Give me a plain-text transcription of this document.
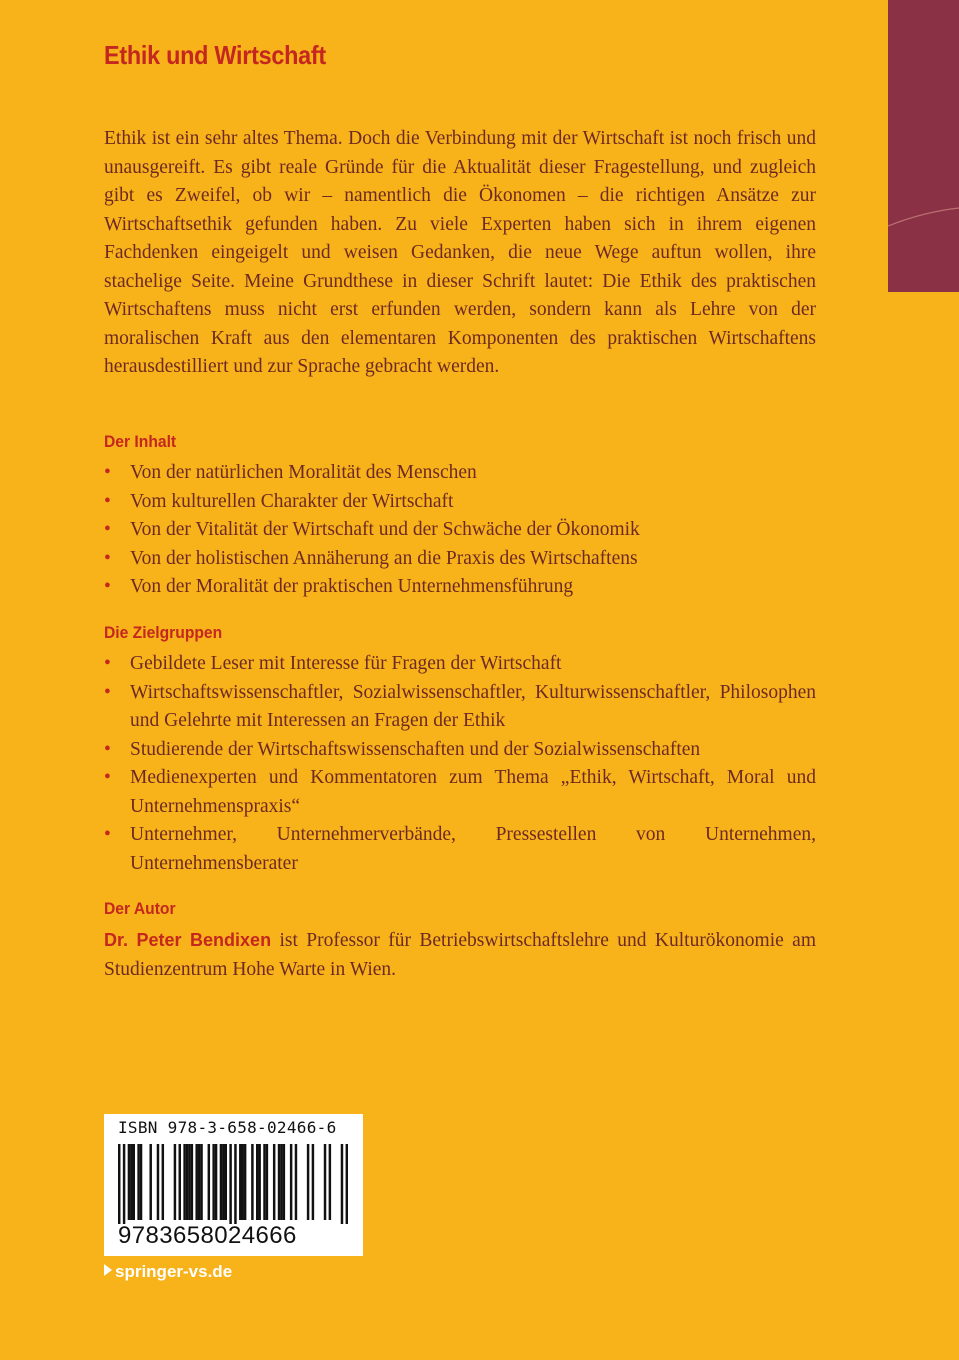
Ethik und Wirtschaft

Ethik ist ein sehr altes Thema. Doch die Verbindung mit der Wirtschaft ist noch frisch und unausgereift. Es gibt reale Gründe für die Aktualität dieser Fragestellung, und zugleich gibt es Zweifel, ob wir – namentlich die Ökonomen – die richtigen Ansätze zur Wirtschaftsethik gefunden haben. Zu viele Experten haben sich in ihrem eigenen Fachdenken eingeigelt und weisen Gedanken, die neue Wege auftun wollen, ihre stachelige Seite. Meine Grundthese in dieser Schrift lautet: Die Ethik des praktischen Wirtschaftens muss nicht erst erfunden werden, sondern kann als Lehre von der moralischen Kraft aus den elementaren Komponenten des praktischen Wirtschaftens herausdestilliert und zur Sprache gebracht werden.

Der Inhalt
• Von der natürlichen Moralität des Menschen
• Vom kulturellen Charakter der Wirtschaft
• Von der Vitalität der Wirtschaft und der Schwäche der Ökonomik
• Von der holistischen Annäherung an die Praxis des Wirtschaftens
• Von der Moralität der praktischen Unternehmensführung
Die Zielgruppen
• Gebildete Leser mit Interesse für Fragen der Wirtschaft
• Wirtschaftswissenschaftler, Sozialwissenschaftler, Kulturwissenschaftler, Philosophen und Gelehrte mit Interessen an Fragen der Ethik
• Studierende der Wirtschaftswissenschaften und der Sozialwissenschaften
• Medienexperten und Kommentatoren zum Thema „Ethik, Wirtschaft, Moral und Unternehmenspraxis“
• Unternehmer, Unternehmerverbände, Pressestellen von Unternehmen, Unternehmensberater
Der Autor

Dr. Peter Bendixen ist Professor für Betriebswirtschaftslehre und Kulturökonomie am Studienzentrum Hohe Warte in Wien.

ISBN 978-3-658-02466-6
9783658024666
springer-vs.de
